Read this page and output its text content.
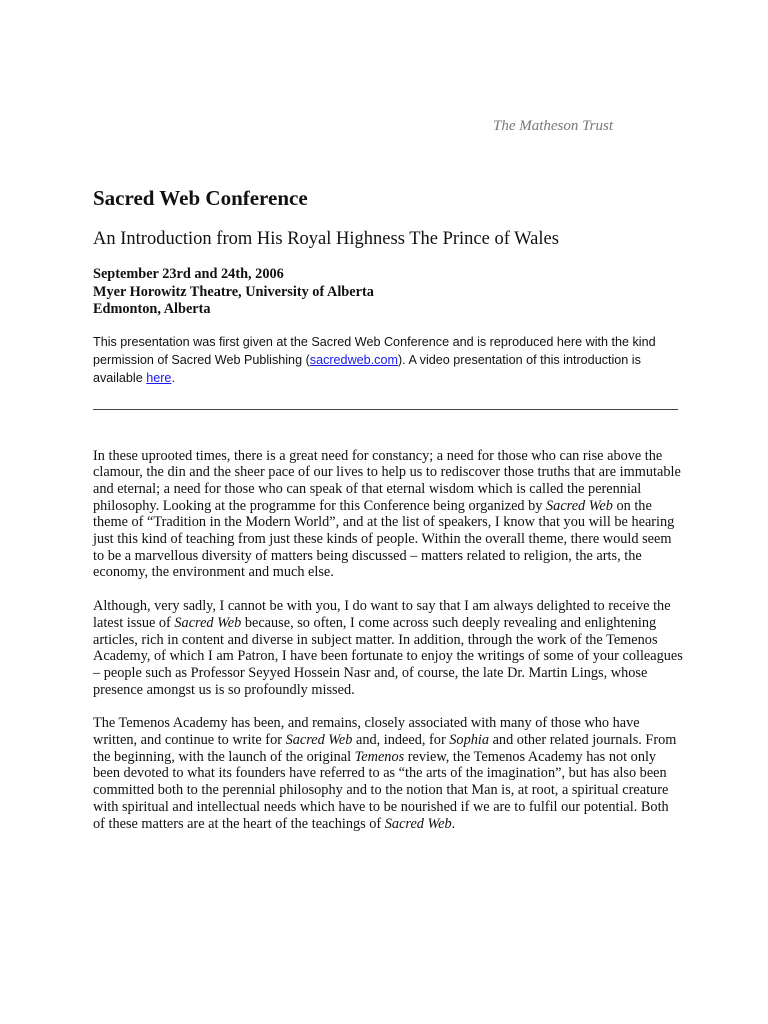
The Matheson Trust
Sacred Web Conference
An Introduction from His Royal Highness The Prince of Wales
September 23rd and 24th, 2006
Myer Horowitz Theatre, University of Alberta
Edmonton, Alberta
This presentation was first given at the Sacred Web Conference and is reproduced here with the kind permission of Sacred Web Publishing (sacredweb.com). A video presentation of this introduction is available here.

In these uprooted times, there is a great need for constancy; a need for those who can rise above the clamour, the din and the sheer pace of our lives to help us to rediscover those truths that are immutable and eternal; a need for those who can speak of that eternal wisdom which is called the perennial philosophy. Looking at the programme for this Conference being organized by Sacred Web on the theme of “Tradition in the Modern World”, and at the list of speakers, I know that you will be hearing just this kind of teaching from just these kinds of people. Within the overall theme, there would seem to be a marvellous diversity of matters being discussed – matters related to religion, the arts, the economy, the environment and much else.

Although, very sadly, I cannot be with you, I do want to say that I am always delighted to receive the latest issue of Sacred Web because, so often, I come across such deeply revealing and enlightening articles, rich in content and diverse in subject matter. In addition, through the work of the Temenos Academy, of which I am Patron, I have been fortunate to enjoy the writings of some of your colleagues – people such as Professor Seyyed Hossein Nasr and, of course, the late Dr. Martin Lings, whose presence amongst us is so profoundly missed.

The Temenos Academy has been, and remains, closely associated with many of those who have written, and continue to write for Sacred Web and, indeed, for Sophia and other related journals. From the beginning, with the launch of the original Temenos review, the Temenos Academy has not only been devoted to what its founders have referred to as “the arts of the imagination”, but has also been committed both to the perennial philosophy and to the notion that Man is, at root, a spiritual creature with spiritual and intellectual needs which have to be nourished if we are to fulfil our potential. Both of these matters are at the heart of the teachings of Sacred Web.
